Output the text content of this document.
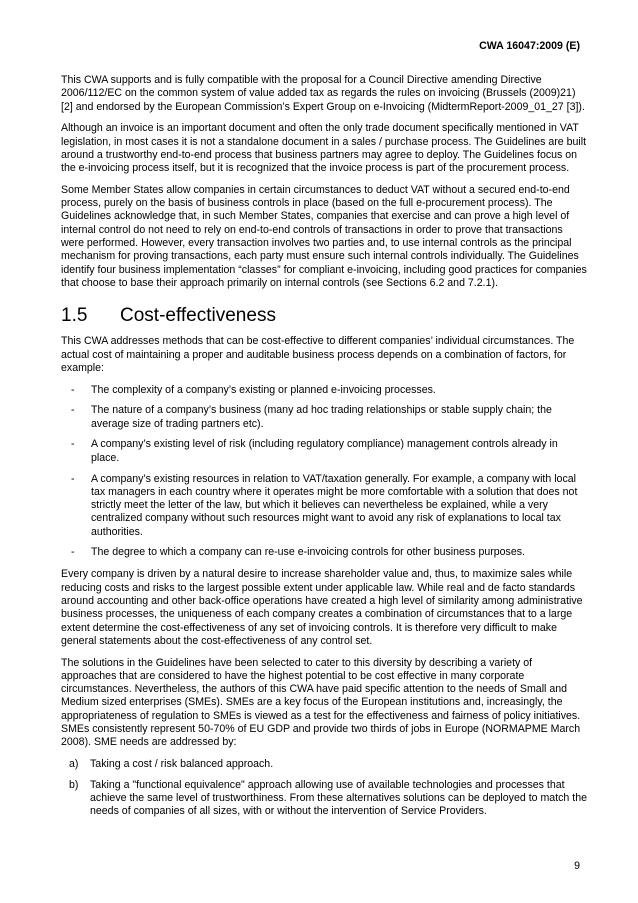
CWA 16047:2009 (E)

This CWA supports and is fully compatible with the proposal for a Council Directive amending Directive 2006/112/EC on the common system of value added tax as regards the rules on invoicing (Brussels (2009)21) [2] and endorsed by the European Commission’s Expert Group on e-Invoicing (MidtermReport-2009_01_27 [3]).

Although an invoice is an important document and often the only trade document specifically mentioned in VAT legislation, in most cases it is not a standalone document in a sales / purchase process. The Guidelines are built around a trustworthy end-to-end process that business partners may agree to deploy. The Guidelines focus on the e-invoicing process itself, but it is recognized that the invoice process is part of the procurement process.

Some Member States allow companies in certain circumstances to deduct VAT without a secured end-to-end process, purely on the basis of business controls in place (based on the full e-procurement process). The Guidelines acknowledge that, in such Member States, companies that exercise and can prove a high level of internal control do not need to rely on end-to-end controls of transactions in order to prove that transactions were performed. However, every transaction involves two parties and, to use internal controls as the principal mechanism for proving transactions, each party must ensure such internal controls individually. The Guidelines identify four business implementation “classes” for compliant e-invoicing, including good practices for companies that choose to base their approach primarily on internal controls (see Sections 6.2 and 7.2.1).

1.5	Cost-effectiveness

This CWA addresses methods that can be cost-effective to different companies’ individual circumstances. The actual cost of maintaining a proper and auditable business process depends on a combination of factors, for example:

- The complexity of a company’s existing or planned e-invoicing processes.
- The nature of a company’s business (many ad hoc trading relationships or stable supply chain; the average size of trading partners etc).
- A company’s existing level of risk (including regulatory compliance) management controls already in place.
- A company’s existing resources in relation to VAT/taxation generally. For example, a company with local tax managers in each country where it operates might be more comfortable with a solution that does not strictly meet the letter of the law, but which it believes can nevertheless be explained, while a very centralized company without such resources might want to avoid any risk of explanations to local tax authorities.
- The degree to which a company can re-use e-invoicing controls for other business purposes.

Every company is driven by a natural desire to increase shareholder value and, thus, to maximize sales while reducing costs and risks to the largest possible extent under applicable law. While real and de facto standards around accounting and other back-office operations have created a high level of similarity among administrative business processes, the uniqueness of each company creates a combination of circumstances that to a large extent determine the cost-effectiveness of any set of invoicing controls. It is therefore very difficult to make general statements about the cost-effectiveness of any control set.

The solutions in the Guidelines have been selected to cater to this diversity by describing a variety of approaches that are considered to have the highest potential to be cost effective in many corporate circumstances. Nevertheless, the authors of this CWA have paid specific attention to the needs of Small and Medium sized enterprises (SMEs). SMEs are a key focus of the European institutions and, increasingly, the appropriateness of regulation to SMEs is viewed as a test for the effectiveness and fairness of policy initiatives. SMEs consistently represent 50-70% of EU GDP and provide two thirds of jobs in Europe (NORMAPME March 2008). SME needs are addressed by:

a) Taking a cost / risk balanced approach.
b) Taking a "functional equivalence" approach allowing use of available technologies and processes that achieve the same level of trustworthiness. From these alternatives solutions can be deployed to match the needs of companies of all sizes, with or without the intervention of Service Providers.
9
